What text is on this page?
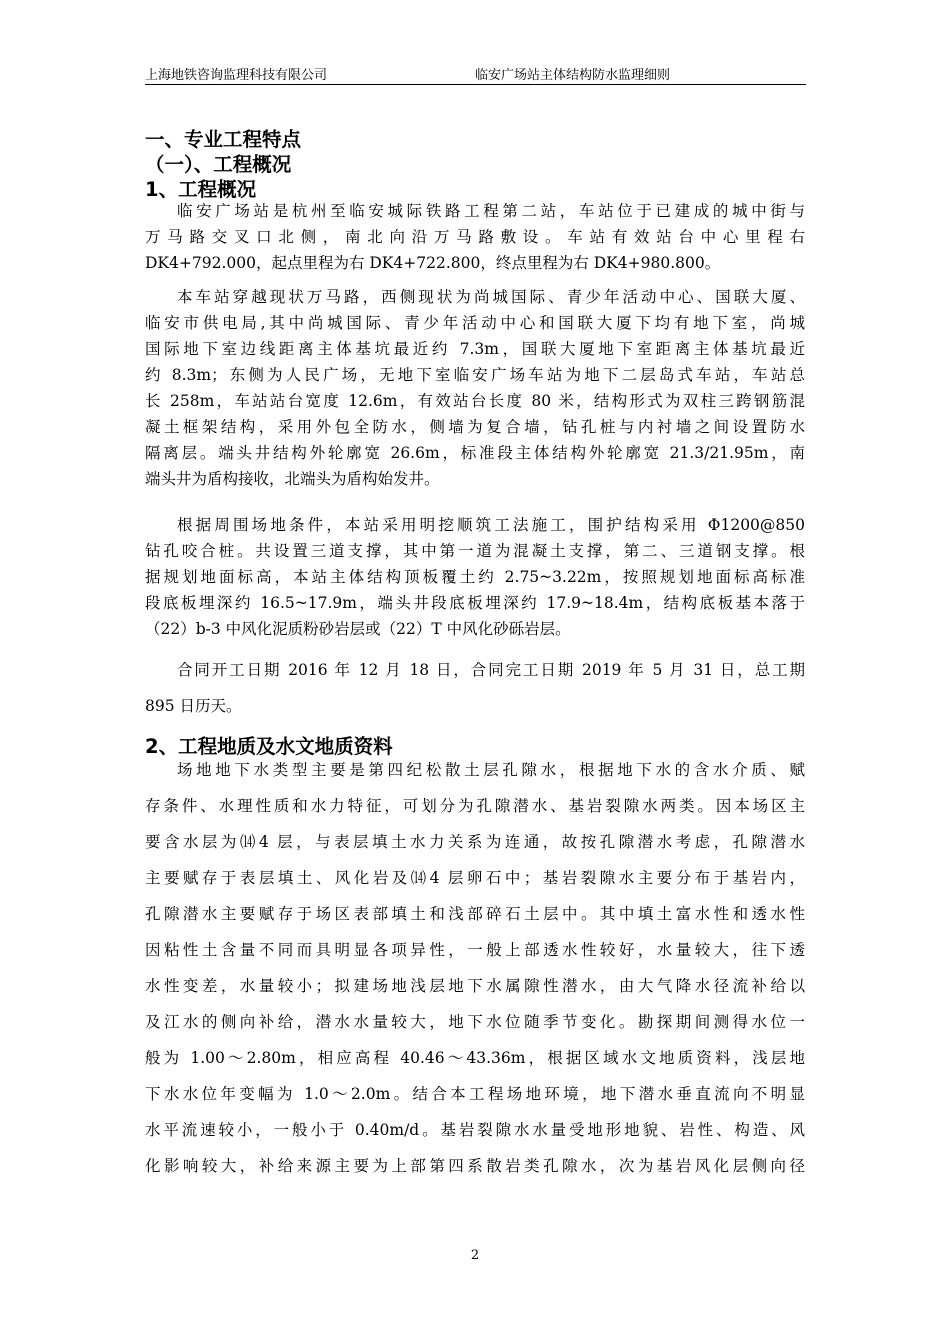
上海地铁咨询监理科技有限公司	临安广场站主体结构防水监理细则
一、专业工程特点
（一）、工程概况
1、工程概况
临安广场站是杭州至临安城际铁路工程第二站，车站位于已建成的城中街与
万马路交叉口北侧，南北向沿万马路敷设。车站有效站台中心里程右
DK4+792.000，起点里程为右 DK4+722.800，终点里程为右 DK4+980.800。
本车站穿越现状万马路，西侧现状为尚城国际、青少年活动中心、国联大厦、
临安市供电局,其中尚城国际、青少年活动中心和国联大厦下均有地下室，尚城
国际地下室边线距离主体基坑最近约 7.3m，国联大厦地下室距离主体基坑最近
约 8.3m；东侧为人民广场，无地下室临安广场车站为地下二层岛式车站，车站总
长 258m，车站站台宽度 12.6m，有效站台长度 80 米，结构形式为双柱三跨钢筋混
凝土框架结构，采用外包全防水，侧墙为复合墙，钻孔桩与内衬墙之间设置防水
隔离层。端头井结构外轮廓宽 26.6m，标准段主体结构外轮廓宽 21.3/21.95m，南
端头井为盾构接收，北端头为盾构始发井。
根据周围场地条件，本站采用明挖顺筑工法施工，围护结构采用 Φ1200@850
钻孔咬合桩。共设置三道支撑，其中第一道为混凝土支撑，第二、三道钢支撑。根
据规划地面标高，本站主体结构顶板覆土约 2.75~3.22m，按照规划地面标高标准
段底板埋深约 16.5~17.9m，端头井段底板埋深约 17.9~18.4m，结构底板基本落于
（22）b-3 中风化泥质粉砂岩层或（22）T 中风化砂砾岩层。
合同开工日期 2016 年 12 月 18 日，合同完工日期 2019 年 5 月 31 日，总工期
895 日历天。
2、工程地质及水文地质资料
场地地下水类型主要是第四纪松散土层孔隙水，根据地下水的含水介质、赋
存条件、水理性质和水力特征，可划分为孔隙潜水、基岩裂隙水两类。因本场区主
要含水层为⒁4 层，与表层填土水力关系为连通，故按孔隙潜水考虑，孔隙潜水
主要赋存于表层填土、风化岩及⒁4 层卵石中；基岩裂隙水主要分布于基岩内，
孔隙潜水主要赋存于场区表部填土和浅部碎石土层中。其中填土富水性和透水性
因粘性土含量不同而具明显各项异性，一般上部透水性较好，水量较大，往下透
水性变差，水量较小；拟建场地浅层地下水属隙性潜水，由大气降水径流补给以
及江水的侧向补给，潜水水量较大，地下水位随季节变化。勘探期间测得水位一
般为 1.00～2.80m，相应高程 40.46～43.36m，根据区域水文地质资料，浅层地
下水水位年变幅为 1.0～2.0m。结合本工程场地环境，地下潜水垂直流向不明显
水平流速较小，一般小于 0.40m/d。基岩裂隙水水量受地形地貌、岩性、构造、风
化影响较大，补给来源主要为上部第四系散岩类孔隙水，次为基岩风化层侧向径
2
